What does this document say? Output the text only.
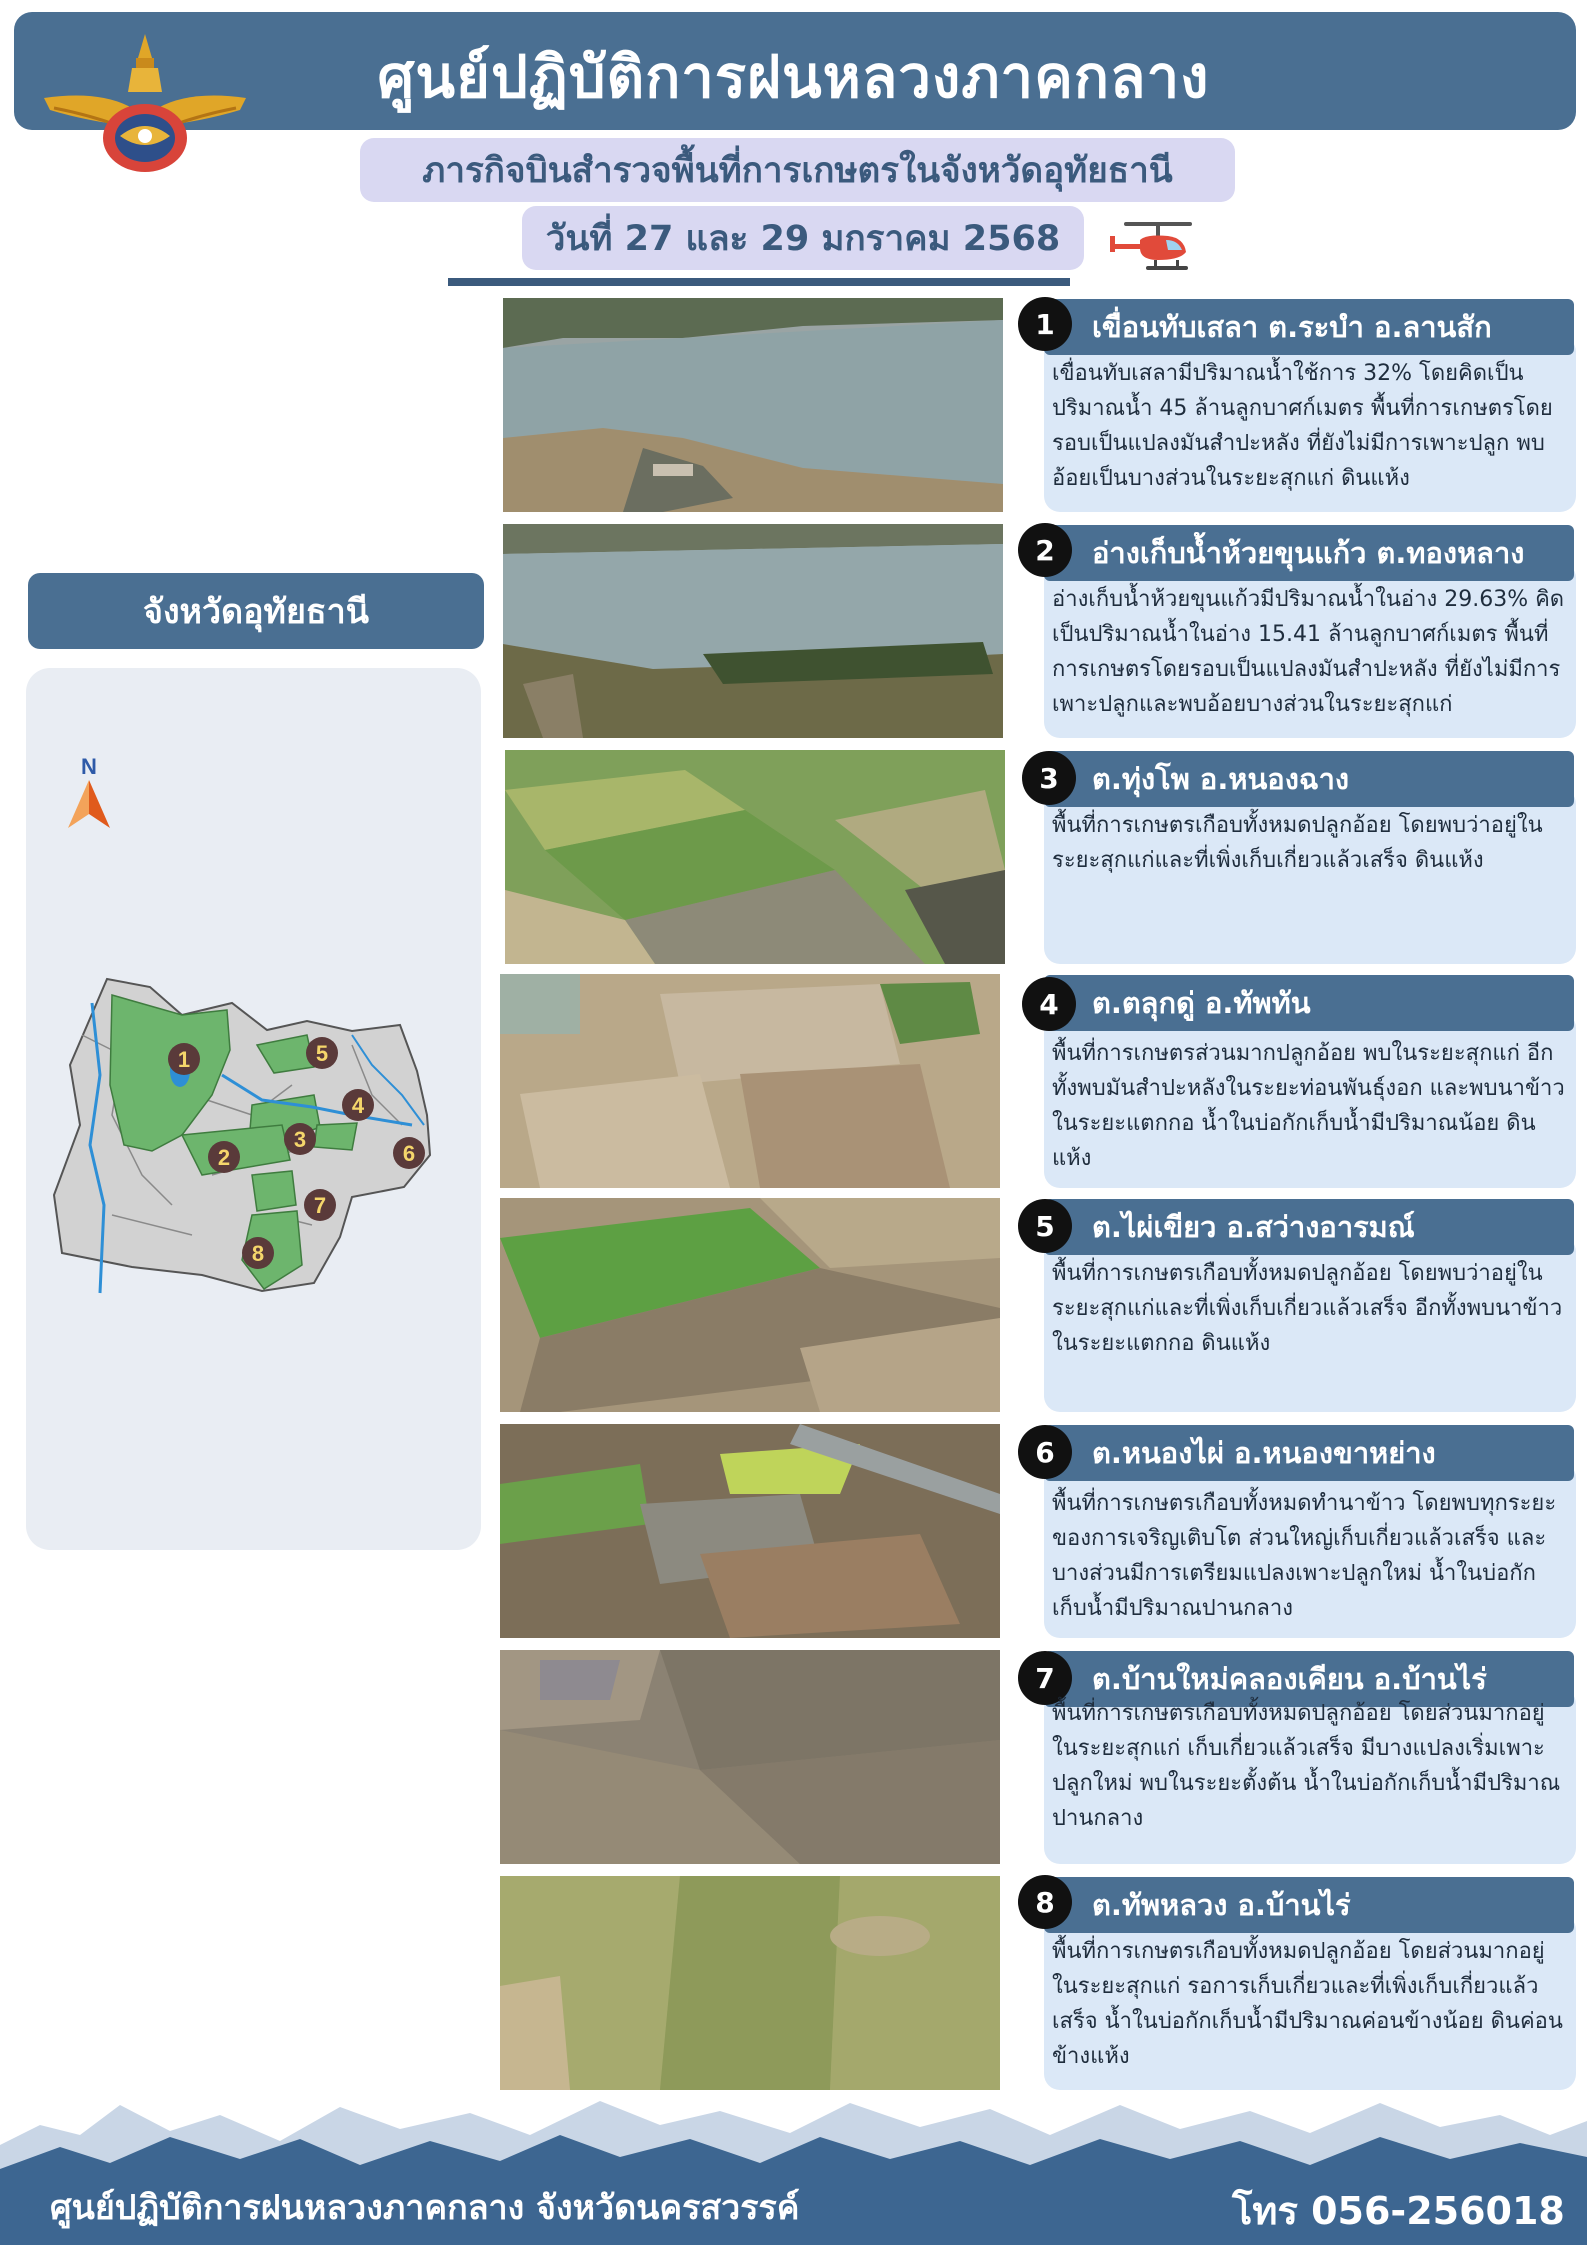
ศูนย์ปฏิบัติการฝนหลวงภาคกลาง
ภารกิจบินสำรวจพื้นที่การเกษตรในจังหวัดอุทัยธานี
วันที่ 27 และ 29 มกราคม 2568
จังหวัดอุทัยธานี
N
1
2
3
4
5
6
7
8
เขื่อนทับเสลา ต.ระบำ อ.ลานสัก
1
เขื่อนทับเสลามีปริมาณน้ำใช้การ 32% โดยคิดเป็นปริมาณน้ำ 45 ล้านลูกบาศก์เมตร พื้นที่การเกษตรโดยรอบเป็นแปลงมันสำปะหลัง ที่ยังไม่มีการเพาะปลูก พบอ้อยเป็นบางส่วนในระยะสุกแก่ ดินแห้ง
อ่างเก็บน้ำห้วยขุนแก้ว ต.ทองหลาง
2
อ่างเก็บน้ำห้วยขุนแก้วมีปริมาณน้ำในอ่าง 29.63% คิดเป็นปริมาณน้ำในอ่าง 15.41 ล้านลูกบาศก์เมตร พื้นที่การเกษตรโดยรอบเป็นแปลงมันสำปะหลัง ที่ยังไม่มีการเพาะปลูกและพบอ้อยบางส่วนในระยะสุกแก่
ต.ทุ่งโพ อ.หนองฉาง
3
พื้นที่การเกษตรเกือบทั้งหมดปลูกอ้อย โดยพบว่าอยู่ในระยะสุกแก่และที่เพิ่งเก็บเกี่ยวแล้วเสร็จ ดินแห้ง
ต.ตลุกดู่ อ.ทัพทัน
4
พื้นที่การเกษตรส่วนมากปลูกอ้อย พบในระยะสุกแก่ อีกทั้งพบมันสำปะหลังในระยะท่อนพันธุ์งอก และพบนาข้าวในระยะแตกกอ น้ำในบ่อกักเก็บน้ำมีปริมาณน้อย ดินแห้ง
ต.ไผ่เขียว อ.สว่างอารมณ์
5
พื้นที่การเกษตรเกือบทั้งหมดปลูกอ้อย โดยพบว่าอยู่ในระยะสุกแก่และที่เพิ่งเก็บเกี่ยวแล้วเสร็จ อีกทั้งพบนาข้าวในระยะแตกกอ ดินแห้ง
ต.หนองไผ่ อ.หนองขาหย่าง
6
พื้นที่การเกษตรเกือบทั้งหมดทำนาข้าว โดยพบทุกระยะของการเจริญเติบโต ส่วนใหญ่เก็บเกี่ยวแล้วเสร็จ และบางส่วนมีการเตรียมแปลงเพาะปลูกใหม่ น้ำในบ่อกักเก็บน้ำมีปริมาณปานกลาง
ต.บ้านใหม่คลองเคียน อ.บ้านไร่
7
พื้นที่การเกษตรเกือบทั้งหมดปลูกอ้อย โดยส่วนมากอยู่ในระยะสุกแก่ เก็บเกี่ยวแล้วเสร็จ มีบางแปลงเริ่มเพาะปลูกใหม่ พบในระยะตั้งต้น น้ำในบ่อกักเก็บน้ำมีปริมาณปานกลาง
ต.ทัพหลวง อ.บ้านไร่
8
พื้นที่การเกษตรเกือบทั้งหมดปลูกอ้อย โดยส่วนมากอยู่ในระยะสุกแก่ รอการเก็บเกี่ยวและที่เพิ่งเก็บเกี่ยวแล้วเสร็จ น้ำในบ่อกักเก็บน้ำมีปริมาณค่อนข้างน้อย ดินค่อนข้างแห้ง
ศูนย์ปฏิบัติการฝนหลวงภาคกลาง จังหวัดนครสวรรค์	โทร 056-256018
